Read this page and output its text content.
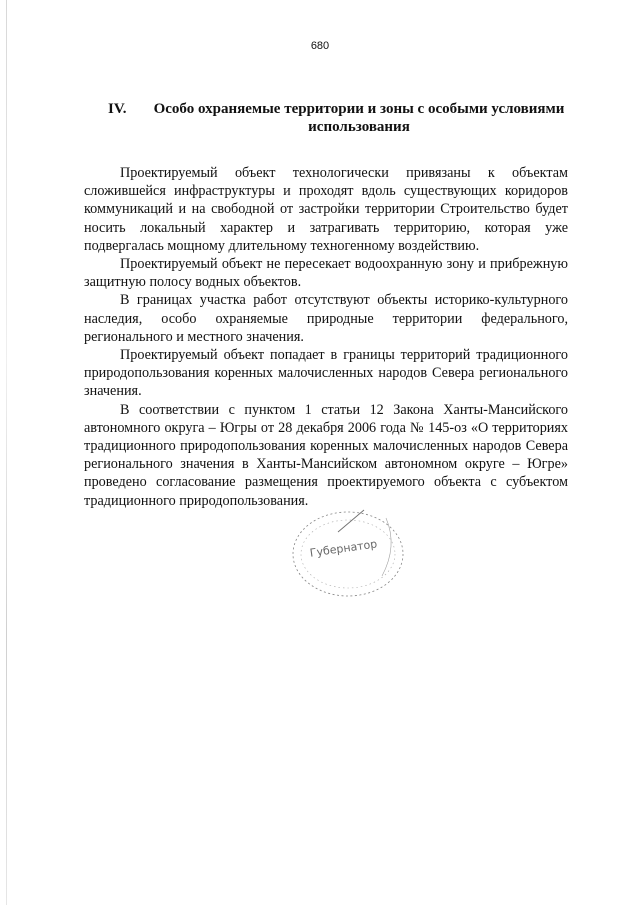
680
IV.	Особо охраняемые территории и зоны с особыми условиями использования

Проектируемый объект технологически привязаны к объектам сложившейся инфраструктуры и проходят вдоль существующих коридоров коммуникаций и на свободной от застройки территории Строительство будет носить локальный характер и затрагивать территорию, которая уже подвергалась мощному длительному техногенному воздействию.

Проектируемый объект не пересекает водоохранную зону и прибрежную защитную полосу водных объектов.

В границах участка работ отсутствуют объекты историко-культурного наследия, особо охраняемые природные территории федерального, регионального и местного значения.

Проектируемый объект попадает в границы территорий традиционного природопользования коренных малочисленных народов Севера регионального значения.

В соответствии с пунктом 1 статьи 12 Закона Ханты-Мансийского автономного округа – Югры от 28 декабря 2006 года № 145-оз «О территориях традиционного природопользования коренных малочисленных народов Севера регионального значения в Ханты-Мансийском автономном округе – Югре» проведено согласование размещения проектируемого объекта с субъектом традиционного природопользования.

Губернатор
